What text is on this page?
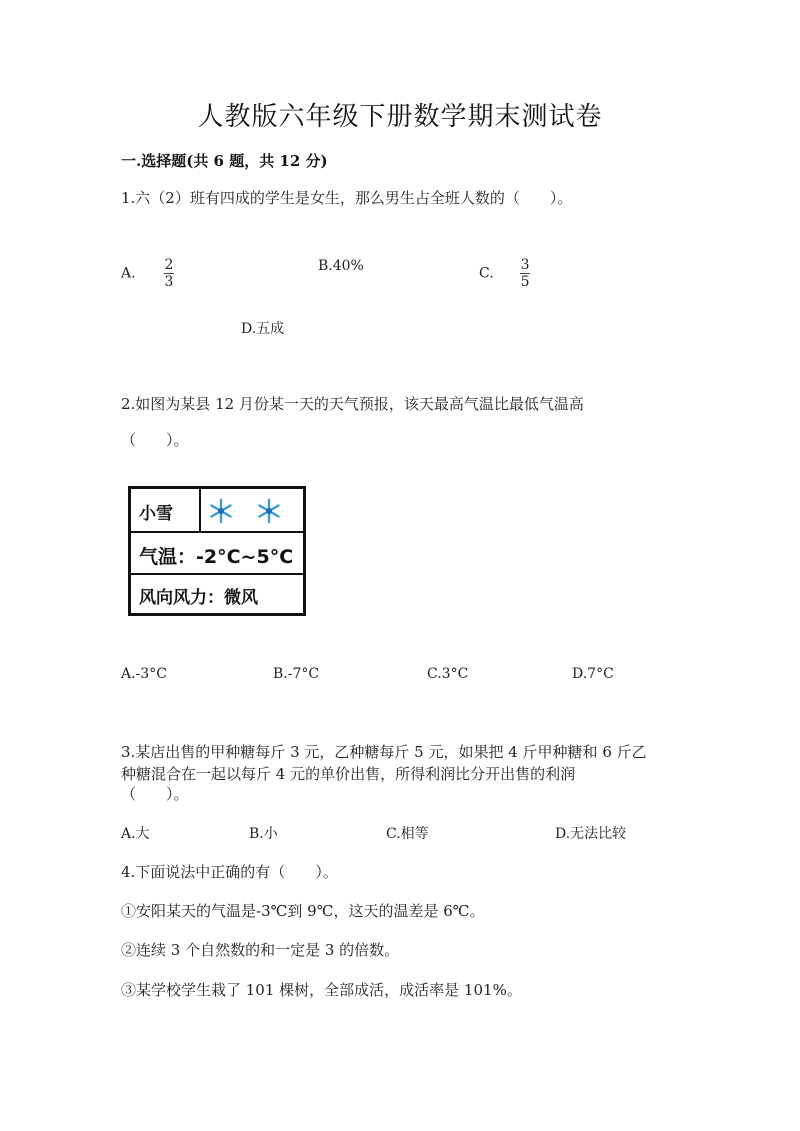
人教版六年级下册数学期末测试卷
一.选择题(共 6 题，共 12 分)
1.六（2）班有四成的学生是女生，那么男生占全班人数的（　　）。
A. $\frac{2}{3}$	B.40%	C. $\frac{3}{5}$
D.五成
2.如图为某县 12 月份某一天的天气预报，该天最高气温比最低气温高
（　　）。
小雪
气温：-2°C~5°C
风向风力：微风
A.-3°C	B.-7°C	C.3°C	D.7°C
3.某店出售的甲种糖每斤 3 元，乙种糖每斤 5 元，如果把 4 斤甲种糖和 6 斤乙
种糖混合在一起以每斤 4 元的单价出售，所得利润比分开出售的利润
（　　）。
A.大	B.小	C.相等	D.无法比较
4.下面说法中正确的有（　　）。
①安阳某天的气温是-3℃到 9℃，这天的温差是 6℃。
②连续 3 个自然数的和一定是 3 的倍数。
③某学校学生栽了 101 棵树，全部成活，成活率是 101%。
